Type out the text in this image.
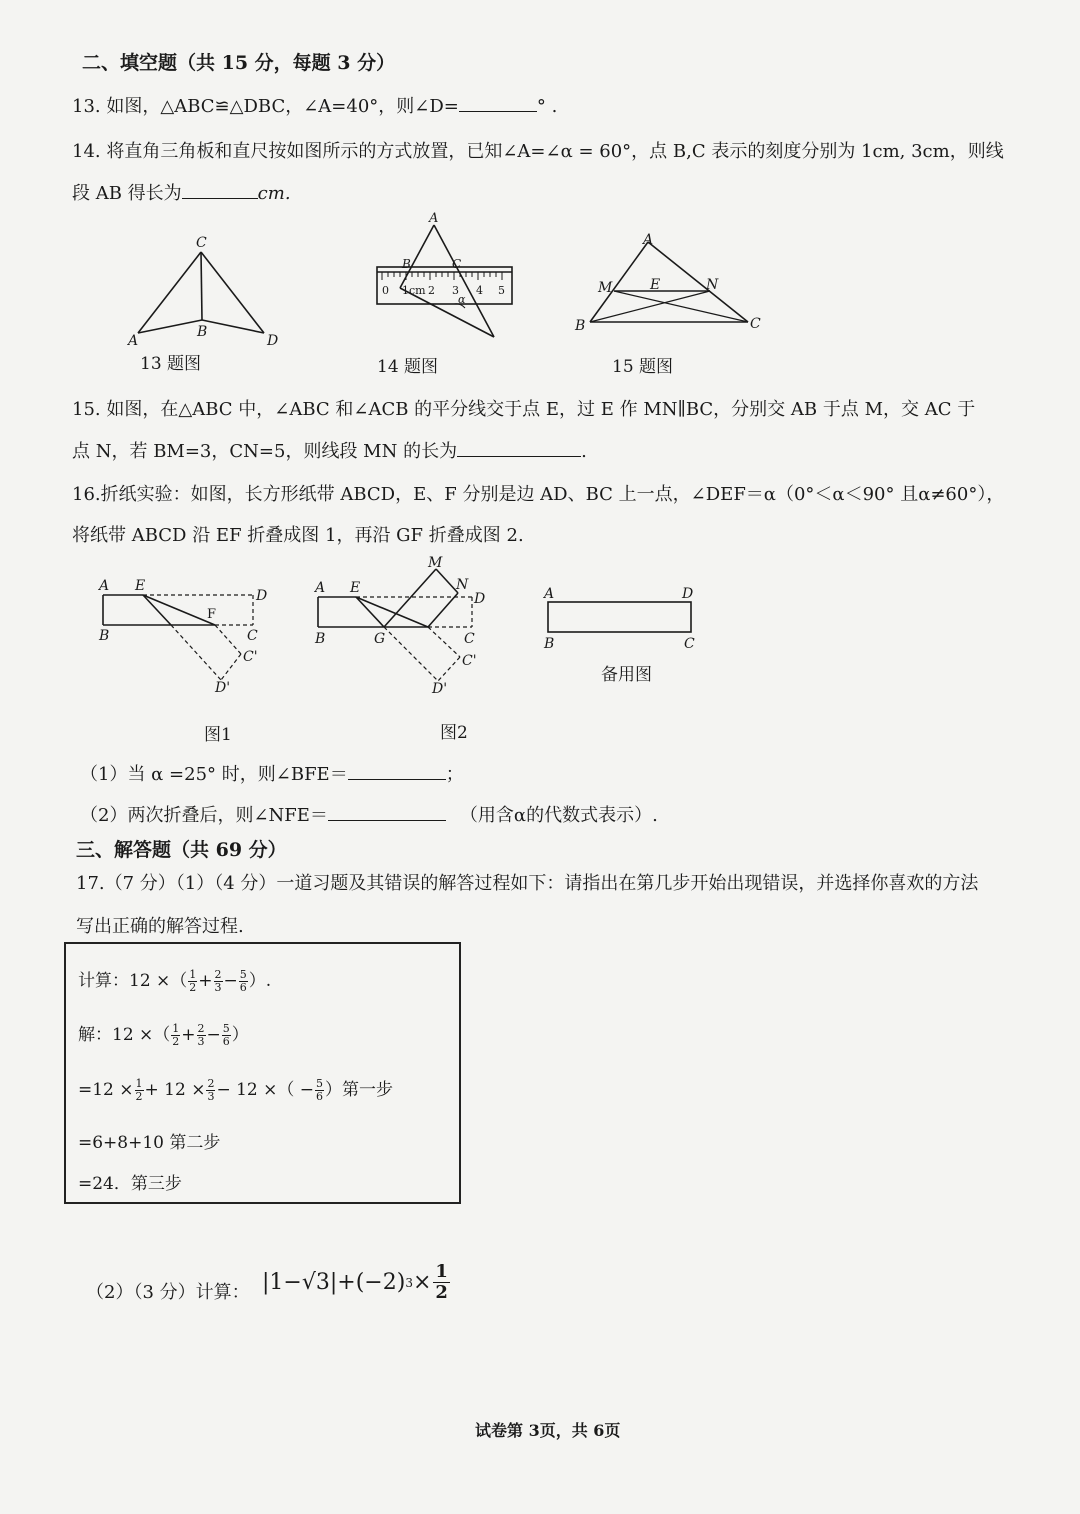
二、填空题（共 15 分，每题 3 分）
13. 如图，△ABC≌△DBC，∠A=40°，则∠D=	° .
14. 将直角三角板和直尺按如图所示的方式放置，已知∠A=∠α = 60°，点 B,C 表示的刻度分别为 1cm, 3cm，则线
段 AB 得长为	cm.
C
A
B
D
13 题图
A
B	C
α
0 1cm 2 3 4 5
14 题图
A
M	E	N
B	C
15 题图
15. 如图，在△ABC 中，∠ABC 和∠ACB 的平分线交于点 E，过 E 作 MN∥BC，分别交 AB 于点 M，交 AC 于
点 N，若 BM=3，CN=5，则线段 MN 的长为	.
16.折纸实验：如图，长方形纸带 ABCD，E、F 分别是边 AD、BC 上一点，∠DEF＝α（0°＜α＜90° 且α≠60°），
将纸带 ABCD 沿 EF 折叠成图 1，再沿 GF 折叠成图 2.
A E
D
F
B	C
C'
D'
图1
A E
M
N
D
B	G	C
C'
D'
图2
A	D
B	C
备用图
（1）当 α =25° 时，则∠BFE＝	；
（2）两次折叠后，则∠NFE＝	（用含α的代数式表示）.
三、解答题（共 69 分）
17.（7 分）（1）（4 分）一道习题及其错误的解答过程如下：请指出在第几步开始出现错误，并选择你喜欢的方法
写出正确的解答过程.
计算：12 ×（ $\frac{1}{2} + \frac{2}{3} - \frac{5}{6}$ ）.
解：12 ×（ $\frac{1}{2} + \frac{2}{3} - \frac{5}{6}$ ）
$=12 \times \frac{1}{2} + 12 \times \frac{2}{3} - 12$ ×（ − $\frac{5}{6}$ ）第一步
=6+8+10 第二步
=24．第三步
（2）（3 分）计算： |1−√3| +(−2) $3 \times \frac{1}{2}$
试卷第 3页，共 6页
